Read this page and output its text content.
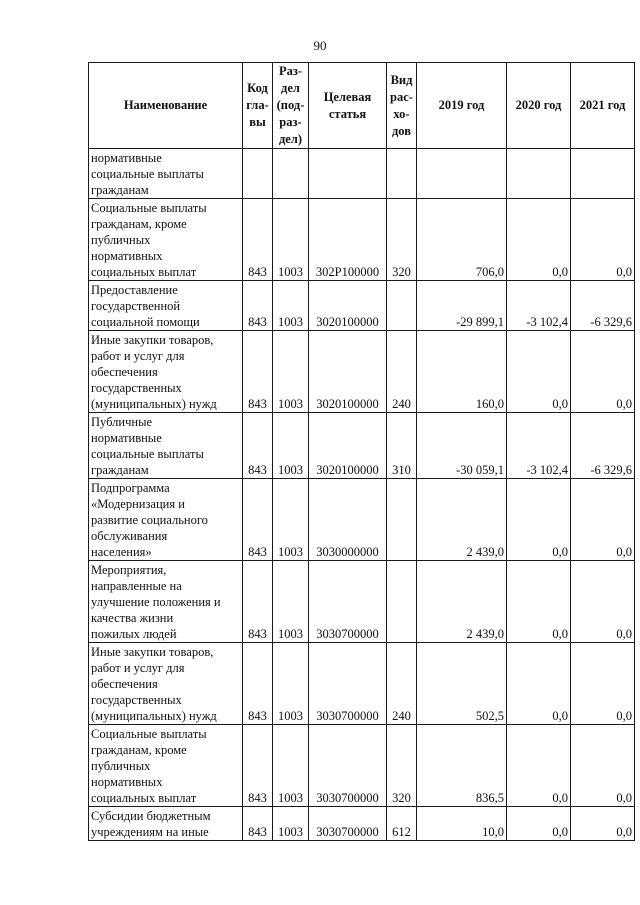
90
Наименование	Код
гла-
вы	Раз-
дел
(под-
раз-
дел)	Целевая
статья	Вид
рас-
хо-
дов	2019 год	2020 год	2021 год
нормативные
социальные выплаты
гражданам							
Социальные выплаты
гражданам, кроме
публичных
нормативных
социальных выплат	843	1003	302P100000	320	706,0	0,0	0,0
Предоставление
государственной
социальной помощи	843	1003	3020100000		-29 899,1	-3 102,4	-6 329,6
Иные закупки товаров,
работ и услуг для
обеспечения
государственных
(муниципальных) нужд	843	1003	3020100000	240	160,0	0,0	0,0
Публичные
нормативные
социальные выплаты
гражданам	843	1003	3020100000	310	-30 059,1	-3 102,4	-6 329,6
Подпрограмма
«Модернизация и
развитие социального
обслуживания
населения»	843	1003	3030000000		2 439,0	0,0	0,0
Мероприятия,
направленные на
улучшение положения и
качества жизни
пожилых людей	843	1003	3030700000		2 439,0	0,0	0,0
Иные закупки товаров,
работ и услуг для
обеспечения
государственных
(муниципальных) нужд	843	1003	3030700000	240	502,5	0,0	0,0
Социальные выплаты
гражданам, кроме
публичных
нормативных
социальных выплат	843	1003	3030700000	320	836,5	0,0	0,0
Субсидии бюджетным
учреждениям на иные	843	1003	3030700000	612	10,0	0,0	0,0
